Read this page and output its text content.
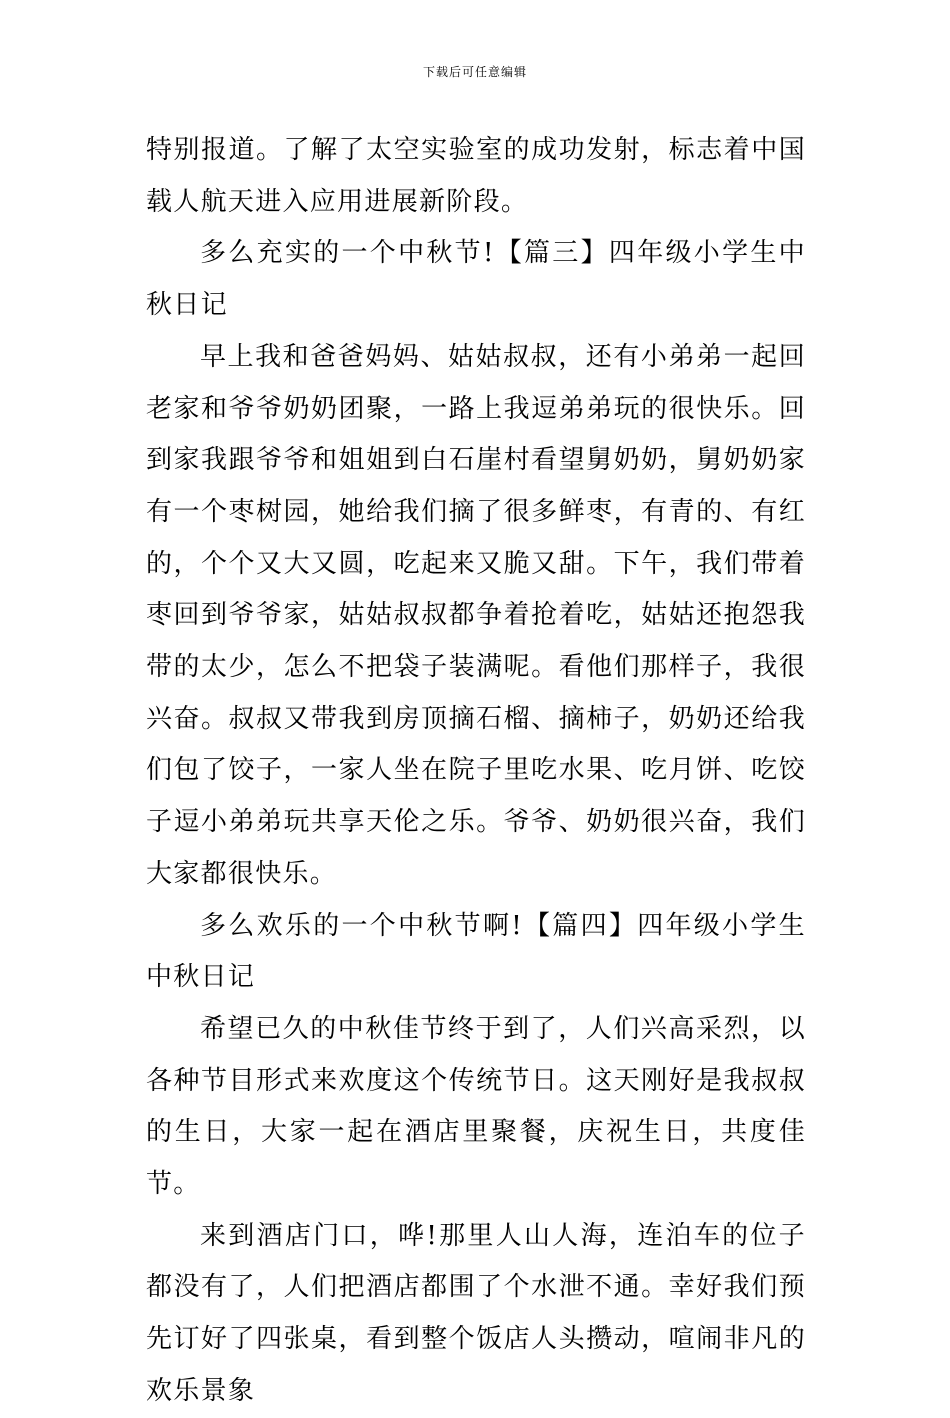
下载后可任意编辑

特别报道。了解了太空实验室的成功发射，标志着中国载人航天进入应用进展新阶段。

多么充实的一个中秋节!【篇三】四年级小学生中秋日记

早上我和爸爸妈妈、姑姑叔叔，还有小弟弟一起回老家和爷爷奶奶团聚，一路上我逗弟弟玩的很快乐。回到家我跟爷爷和姐姐到白石崖村看望舅奶奶，舅奶奶家有一个枣树园，她给我们摘了很多鲜枣，有青的、有红的，个个又大又圆，吃起来又脆又甜。下午，我们带着枣回到爷爷家，姑姑叔叔都争着抢着吃，姑姑还抱怨我带的太少，怎么不把袋子装满呢。看他们那样子，我很兴奋。叔叔又带我到房顶摘石榴、摘柿子，奶奶还给我们包了饺子，一家人坐在院子里吃水果、吃月饼、吃饺子逗小弟弟玩共享天伦之乐。爷爷、奶奶很兴奋，我们大家都很快乐。

多么欢乐的一个中秋节啊!【篇四】四年级小学生中秋日记

希望已久的中秋佳节终于到了，人们兴高采烈，以各种节目形式来欢度这个传统节日。这天刚好是我叔叔的生日，大家一起在酒店里聚餐，庆祝生日，共度佳节。

来到酒店门口，哗!那里人山人海，连泊车的位子都没有了，人们把酒店都围了个水泄不通。幸好我们预先订好了四张桌，看到整个饭店人头攒动，喧闹非凡的欢乐景象
